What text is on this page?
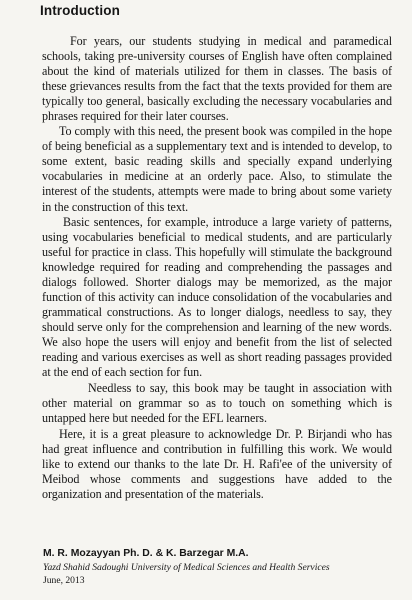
Introduction

For years, our students studying in medical and paramedical schools, taking pre-university courses of English have often complained about the kind of materials utilized for them in classes. The basis of these grievances results from the fact that the texts provided for them are typically too general, basically excluding the necessary vocabularies and phrases required for their later courses.

To comply with this need, the present book was compiled in the hope of being beneficial as a supplementary text and is intended to develop, to some extent, basic reading skills and specially expand underlying vocabularies in medicine at an orderly pace. Also, to stimulate the interest of the students, attempts were made to bring about some variety in the construction of this text.

Basic sentences, for example, introduce a large variety of patterns, using vocabularies beneficial to medical students, and are particularly useful for practice in class. This hopefully will stimulate the background knowledge required for reading and comprehending the passages and dialogs followed. Shorter dialogs may be memorized, as the major function of this activity can induce consolidation of the vocabularies and grammatical constructions. As to longer dialogs, needless to say, they should serve only for the comprehension and learning of the new words. We also hope the users will enjoy and benefit from the list of selected reading and various exercises as well as short reading passages provided at the end of each section for fun.

Needless to say, this book may be taught in association with other material on grammar so as to touch on something which is untapped here but needed for the EFL learners.

Here, it is a great pleasure to acknowledge Dr. P. Birjandi who has had great influence and contribution in fulfilling this work. We would like to extend our thanks to the late Dr. H. Rafi'ee of the university of Meibod whose comments and suggestions have added to the organization and presentation of the materials.

M. R. Mozayyan Ph. D. & K. Barzegar M.A.

Yazd Shahid Sadoughi University of Medical Sciences and Health Services

June, 2013
